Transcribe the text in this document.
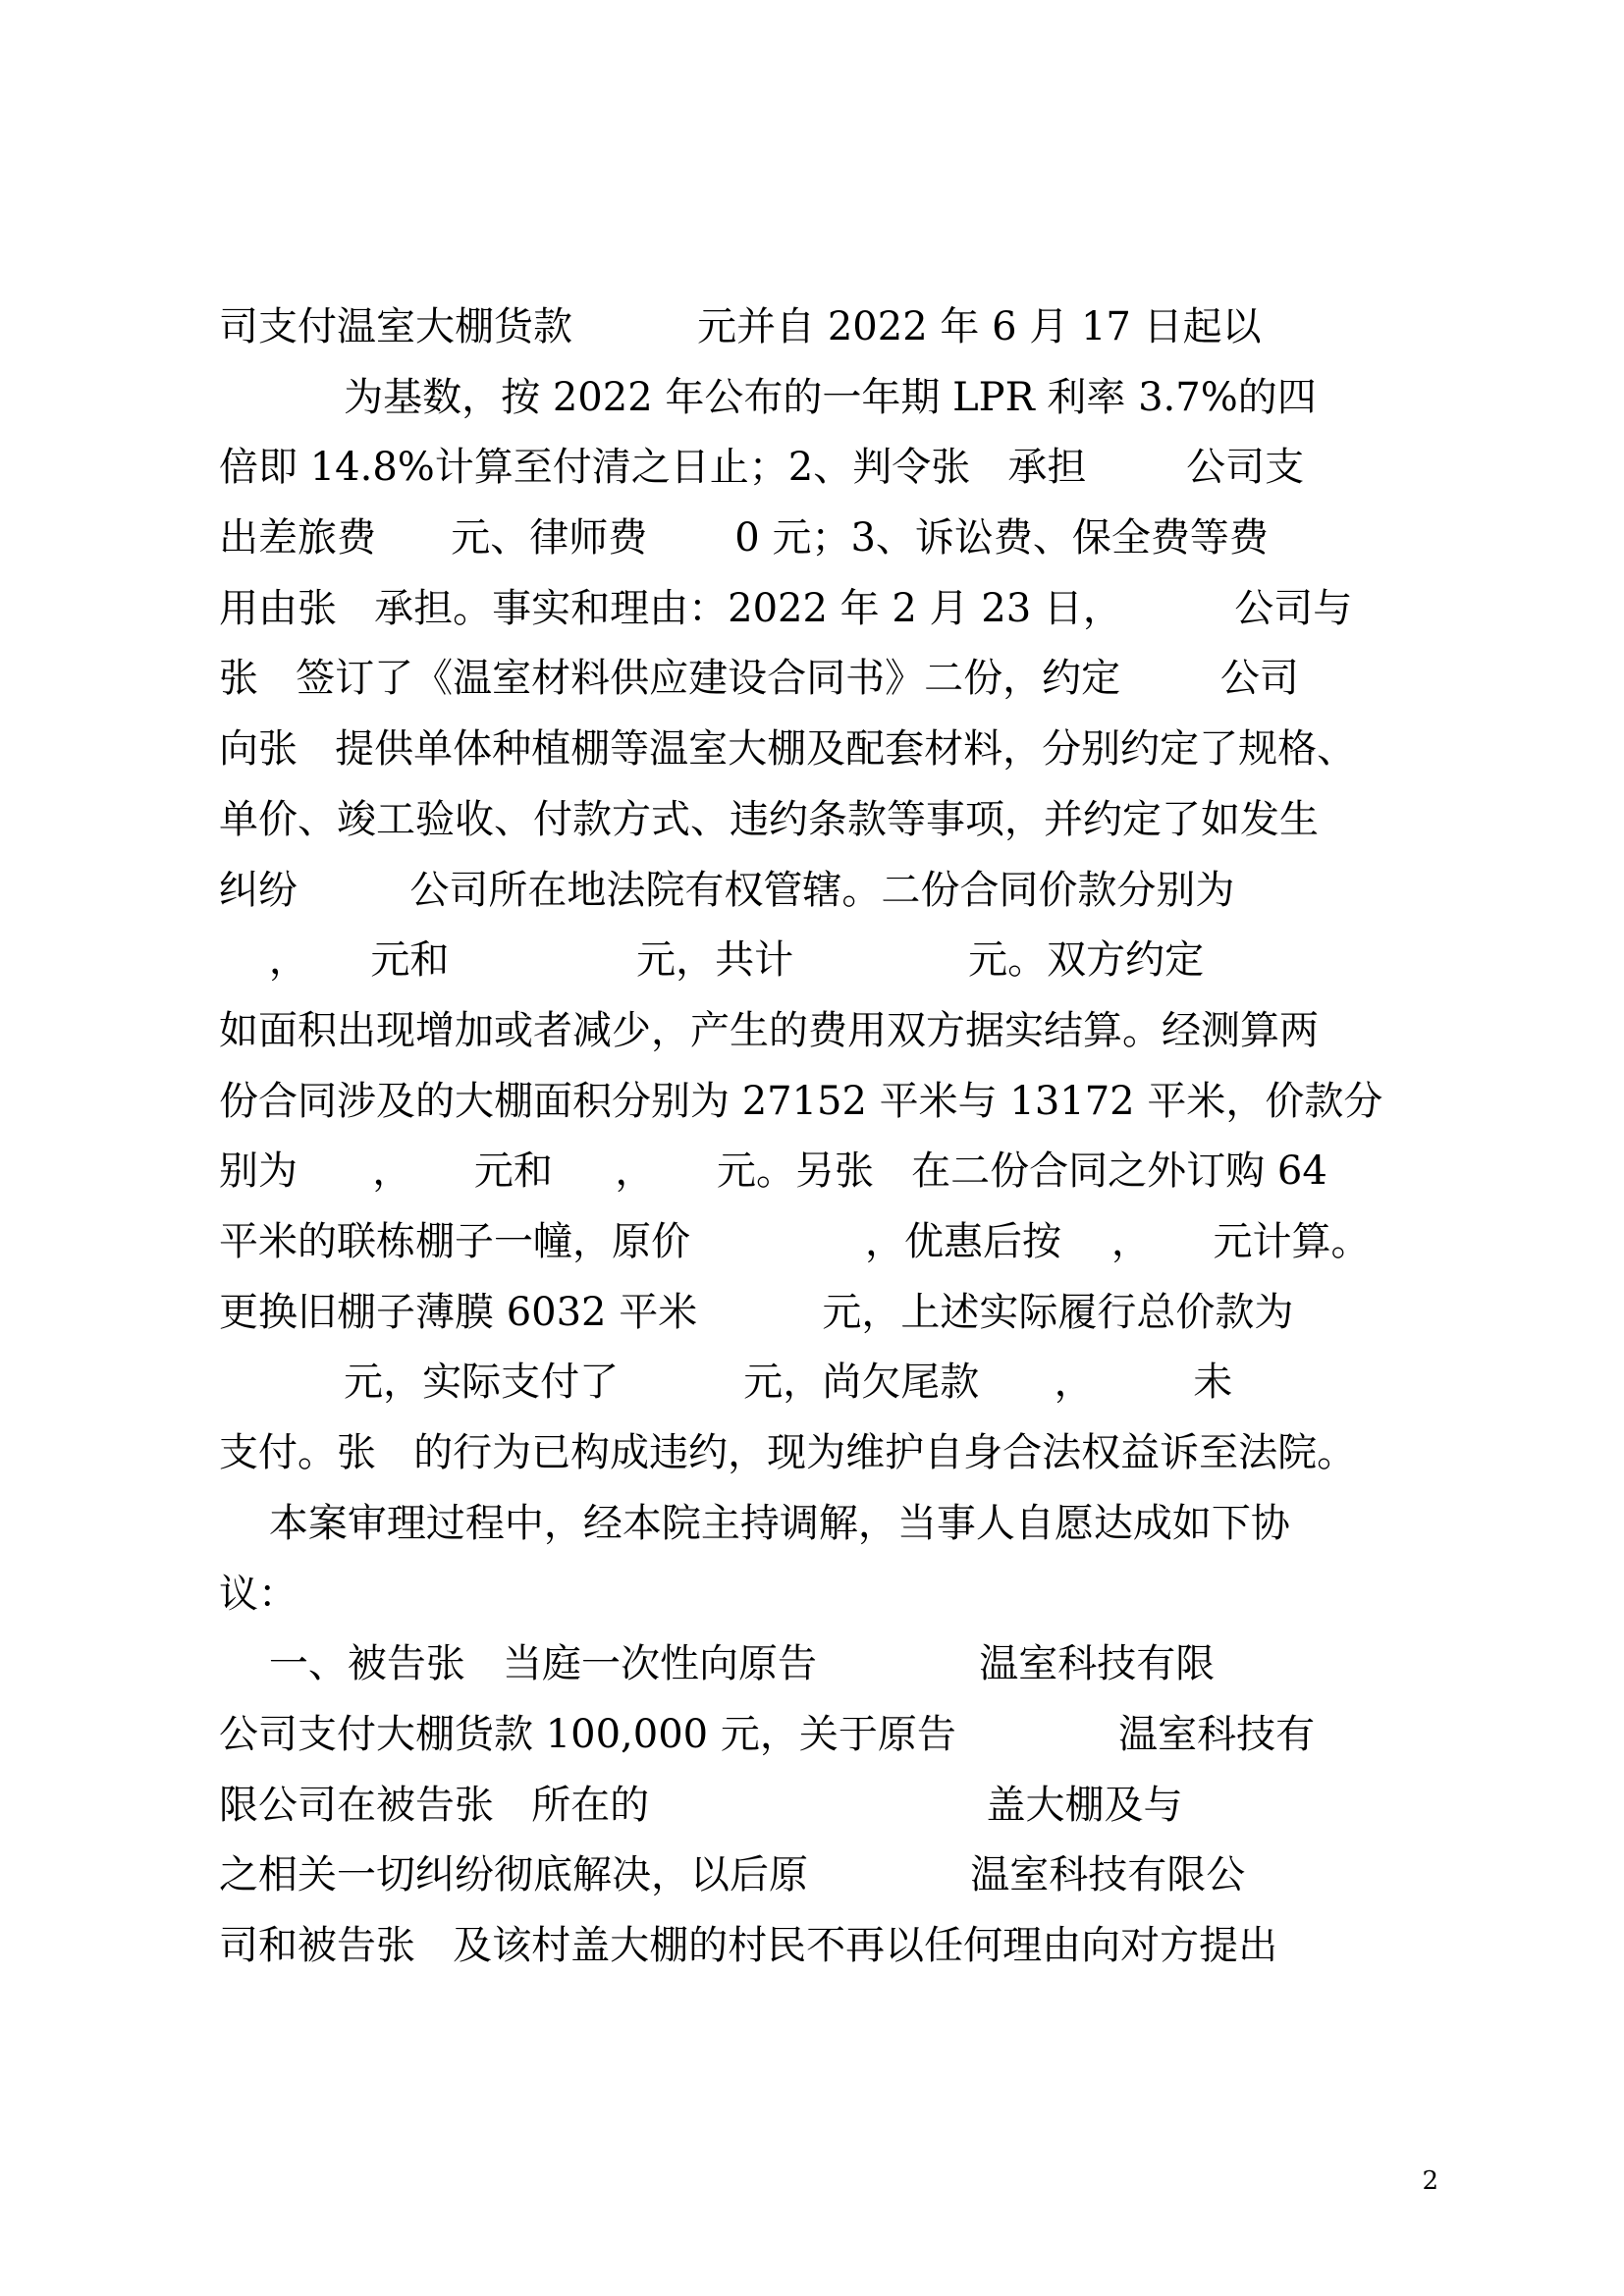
司支付温室大棚货款          元并自 2022 年 6 月 17 日起以
为基数，按 2022 年公布的一年期 LPR 利率 3.7%的四
倍即 14.8%计算至付清之日止；2、判令张   承担        公司支
出差旅费      元、律师费       0 元；3、诉讼费、保全费等费
用由张   承担。事实和理由：2022 年 2 月 23 日，         公司与
张   签订了《温室材料供应建设合同书》二份，约定        公司
向张   提供单体种植棚等温室大棚及配套材料，分别约定了规格、
单价、竣工验收、付款方式、违约条款等事项，并约定了如发生
纠纷         公司所在地法院有权管辖。二份合同价款分别为
，     元和               元，共计              元。双方约定
如面积出现增加或者减少，产生的费用双方据实结算。经测算两
份合同涉及的大棚面积分别为 27152 平米与 13172 平米，价款分
别为      ，     元和     ，     元。另张   在二份合同之外订购 64
平米的联栋棚子一幢，原价              ，优惠后按    ，     元计算。
更换旧棚子薄膜 6032 平米          元，上述实际履行总价款为
元，实际支付了          元，尚欠尾款      ，        未
支付。张   的行为已构成违约，现为维护自身合法权益诉至法院。
本案审理过程中，经本院主持调解，当事人自愿达成如下协
议：
一、被告张   当庭一次性向原告             温室科技有限
公司支付大棚货款 100,000 元，关于原告             温室科技有
限公司在被告张   所在的                           盖大棚及与
之相关一切纠纷彻底解决，以后原             温室科技有限公
司和被告张   及该村盖大棚的村民不再以任何理由向对方提出
2
